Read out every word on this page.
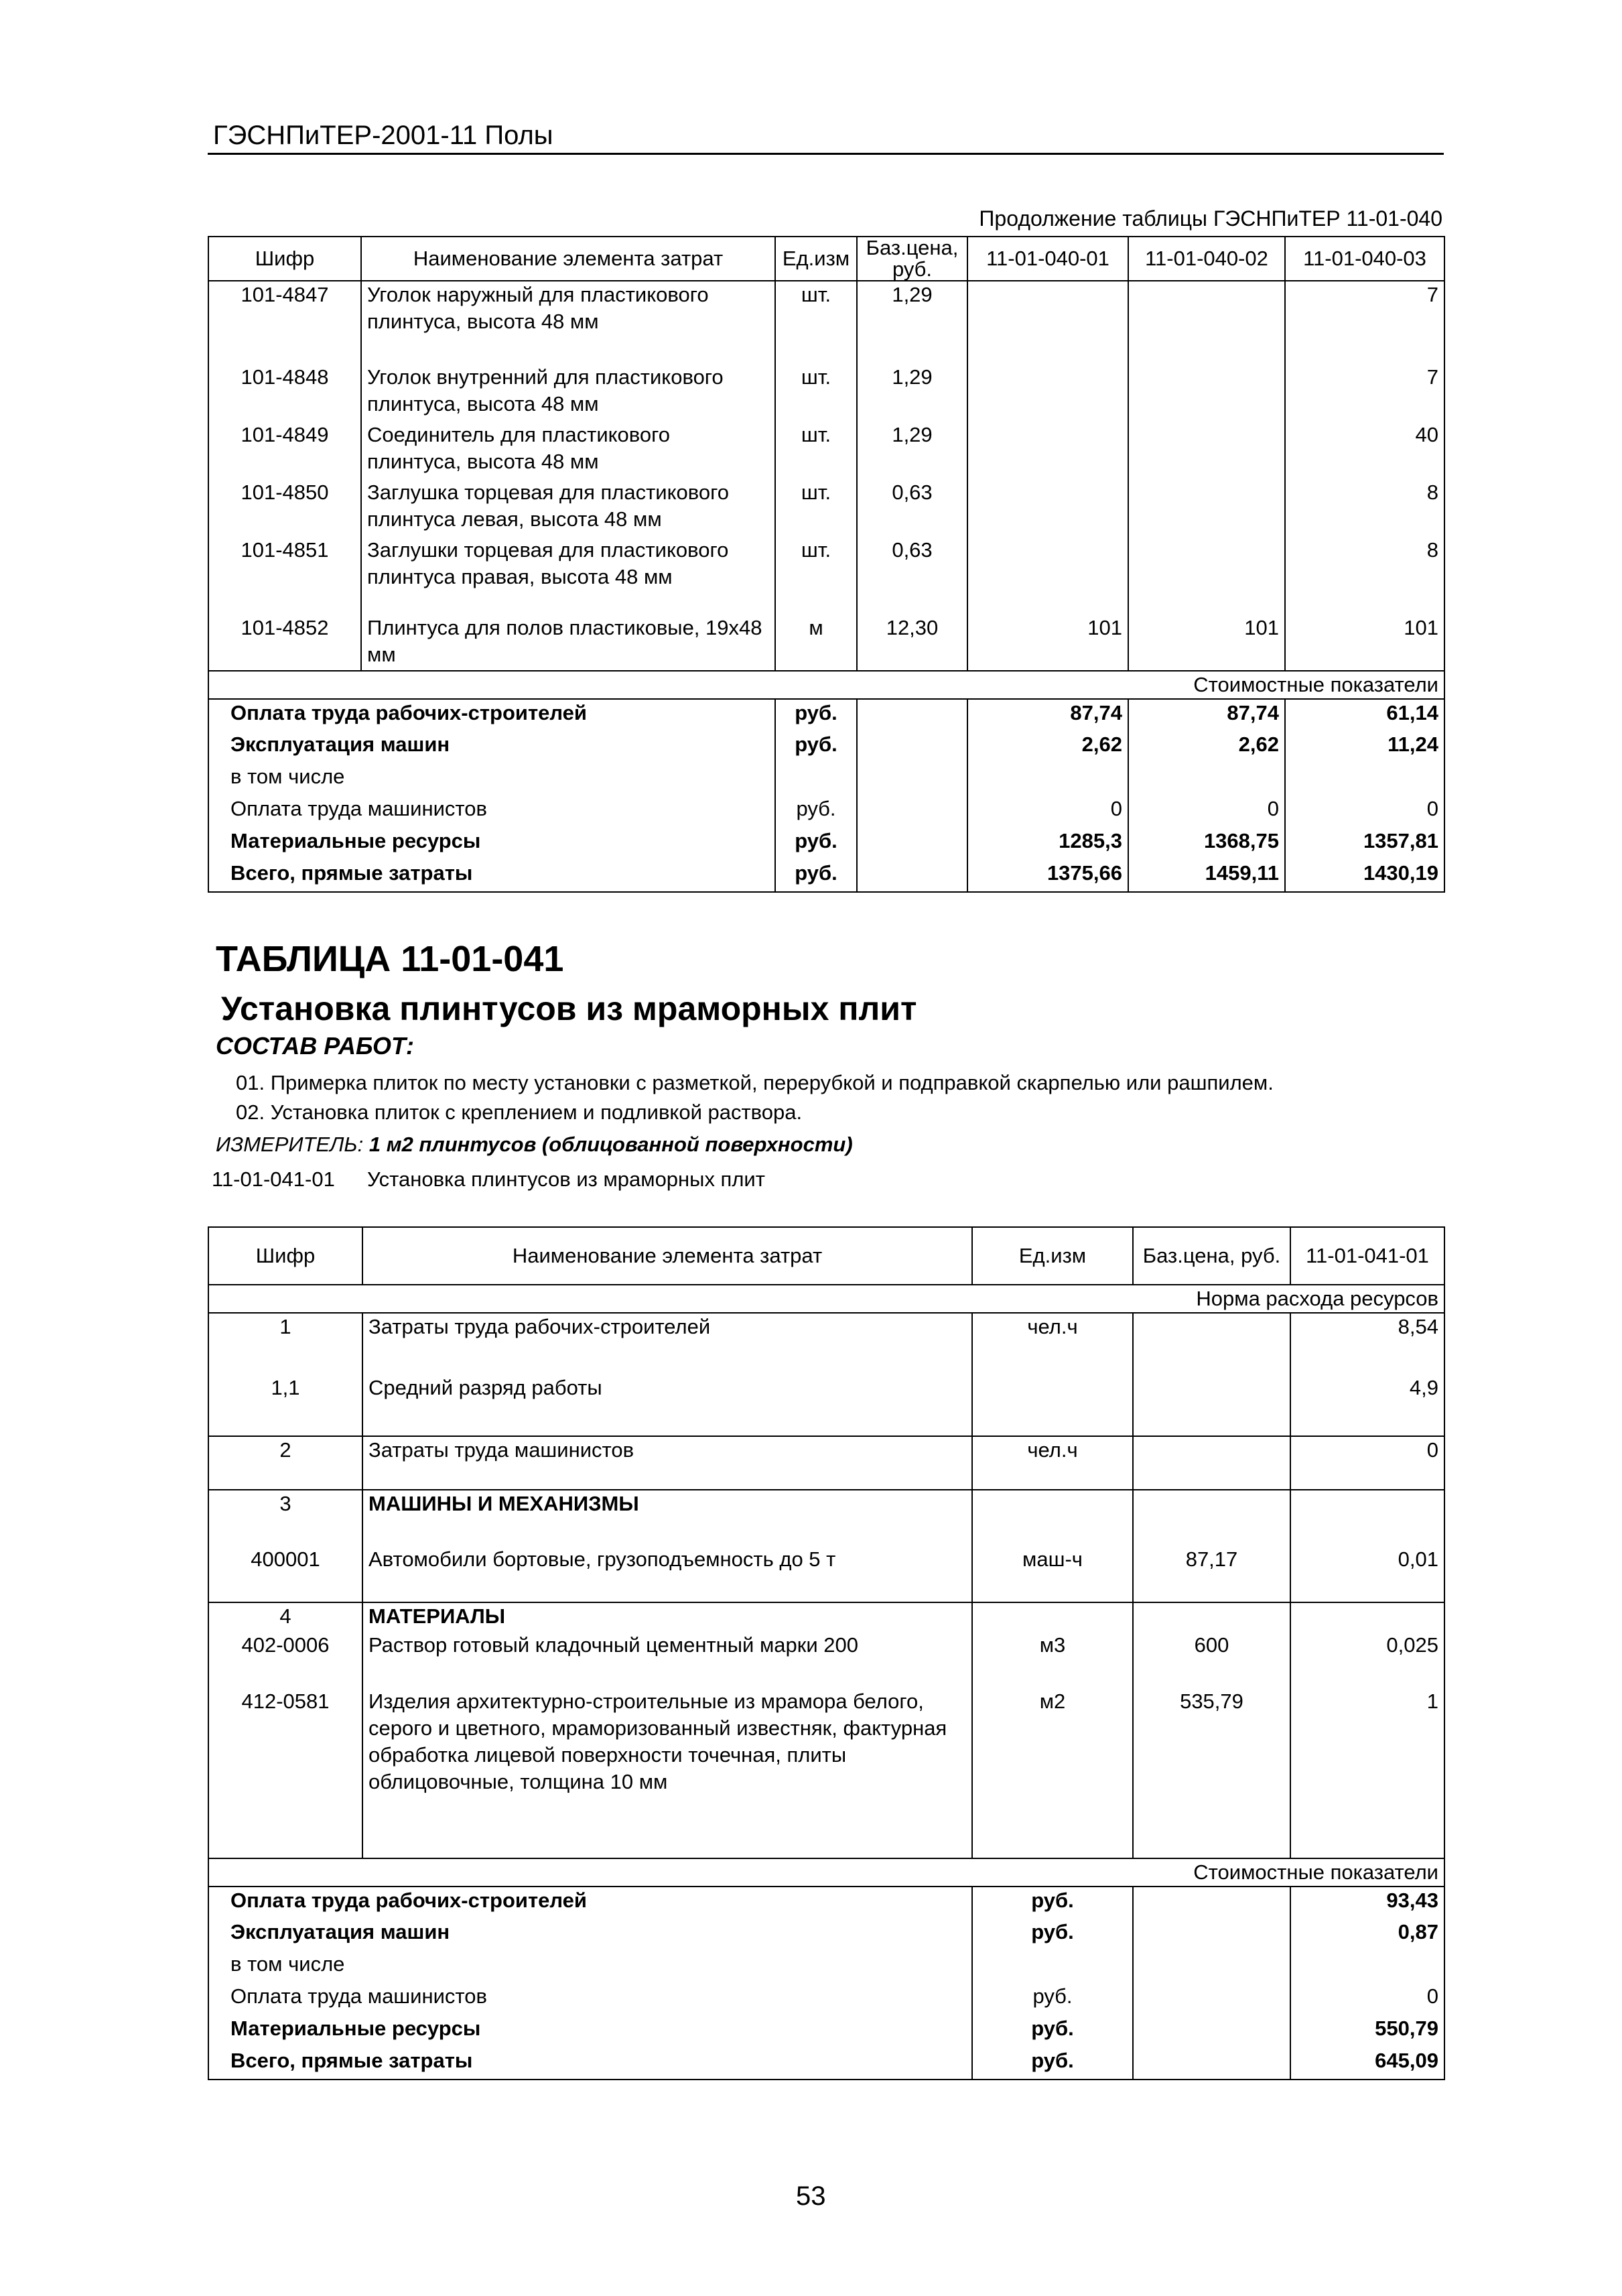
ГЭСНПиТЕР-2001-11 Полы
Продолжение таблицы ГЭСНПиТЕР 11-01-040
Шифр	Наименование элемента затрат	Ед.изм	Баз.цена, руб.	11-01-040-01	11-01-040-02	11-01-040-03
101-4847	Уголок наружный для пластикового плинтуса, высота 48 мм	шт.	1,29			7
101-4848	Уголок внутренний для пластикового плинтуса, высота 48 мм	шт.	1,29			7
101-4849	Соединитель для пластикового плинтуса, высота 48 мм	шт.	1,29			40
101-4850	Заглушка торцевая для пластикового плинтуса левая, высота 48 мм	шт.	0,63			8
101-4851	Заглушки торцевая для пластикового плинтуса правая, высота 48 мм	шт.	0,63			8
101-4852	Плинтуса для полов пластиковые, 19х48 мм	м	12,30	101	101	101
Стоимостные показатели						
Оплата труда рабочих-строителей		руб.		87,74	87,74	61,14
Эксплуатация машин		руб.		2,62	2,62	11,24
в том числе						
Оплата труда машинистов		руб.		0	0	0
Материальные ресурсы		руб.		1285,3	1368,75	1357,81
Всего, прямые затраты		руб.		1375,66	1459,11	1430,19
ТАБЛИЦА 11-01-041
Установка плинтусов из мраморных плит
СОСТАВ РАБОТ:
01. Примерка плиток по месту установки с разметкой, перерубкой и подправкой скарпелью или рашпилем.
02. Установка плиток с креплением и подливкой раствора.
ИЗМЕРИТЕЛЬ: 1 м2 плинтусов (облицованной поверхности)
11-01-041-01 Установка плинтусов из мраморных плит
Шифр	Наименование элемента затрат	Ед.изм	Баз.цена, руб.	11-01-041-01
Норма расхода ресурсов				
1	Затраты труда рабочих-строителей	чел.ч		8,54
1,1	Средний разряд работы			4,9
2	Затраты труда машинистов	чел.ч		0
3	МАШИНЫ И МЕХАНИЗМЫ			
400001	Автомобили бортовые, грузоподъемность до 5 т	маш-ч	87,17	0,01
4	МАТЕРИАЛЫ			
402-0006	Раствор готовый кладочный цементный марки 200	м3	600	0,025
412-0581	Изделия архитектурно-строительные из мрамора белого, серого и цветного, мраморизованный известняк, фактурная обработка лицевой поверхности точечная, плиты облицовочные, толщина 10 мм	м2	535,79	1
Стоимостные показатели				
Оплата труда рабочих-строителей		руб.		93,43
Эксплуатация машин		руб.		0,87
в том числе				
Оплата труда машинистов		руб.		0
Материальные ресурсы		руб.		550,79
Всего, прямые затраты		руб.		645,09
53
